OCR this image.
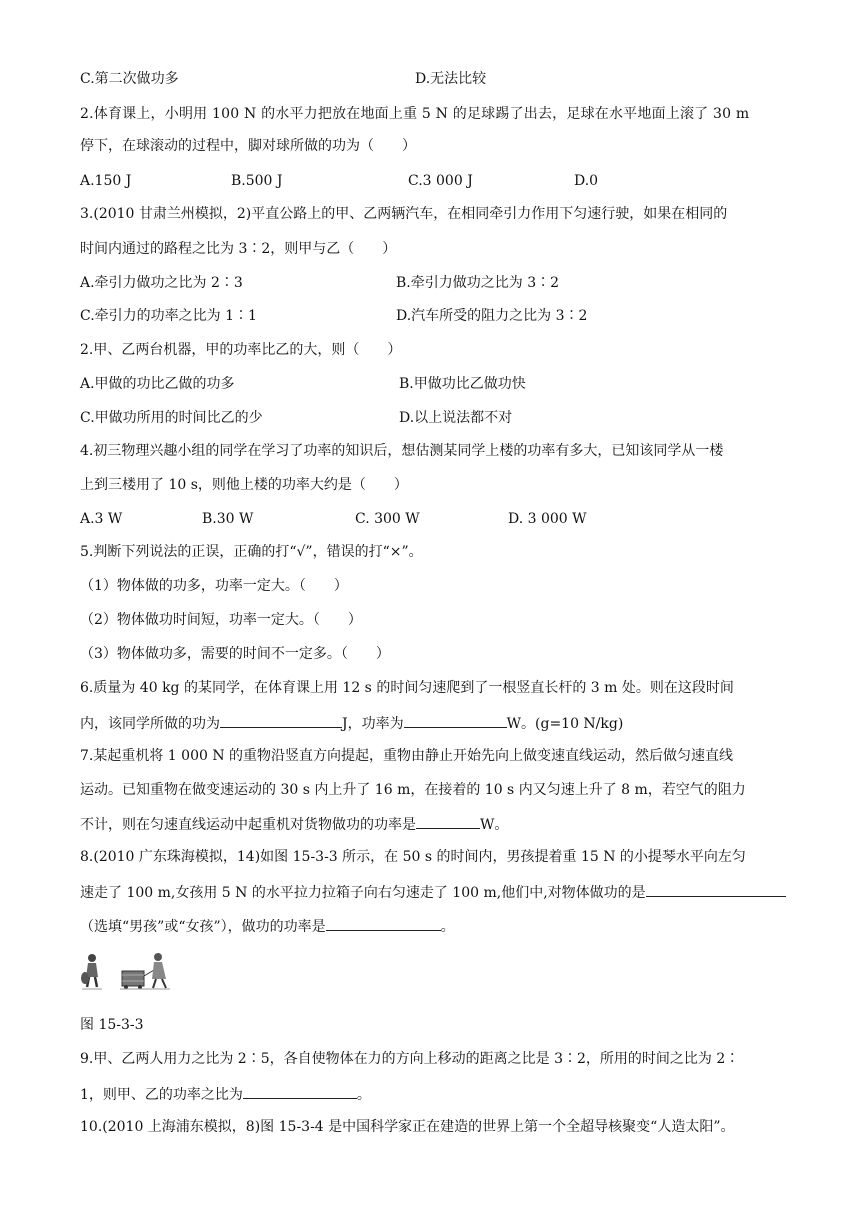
C.第二次做功多	D.无法比较
2.体育课上，小明用 100 N 的水平力把放在地面上重 5 N 的足球踢了出去，足球在水平地面上滚了 30 m
停下，在球滚动的过程中，脚对球所做的功为（　　）
A.150 J	B.500 J	C.3 000 J	D.0
3.(2010 甘肃兰州模拟，2)平直公路上的甲、乙两辆汽车，在相同牵引力作用下匀速行驶，如果在相同的
时间内通过的路程之比为 3∶2，则甲与乙（　　）
A.牵引力做功之比为 2∶3	B.牵引力做功之比为 3∶2
C.牵引力的功率之比为 1∶1	D.汽车所受的阻力之比为 3∶2
2.甲、乙两台机器，甲的功率比乙的大，则（　　）
A.甲做的功比乙做的功多	B.甲做功比乙做功快
C.甲做功所用的时间比乙的少	D.以上说法都不对
4.初三物理兴趣小组的同学在学习了功率的知识后，想估测某同学上楼的功率有多大，已知该同学从一楼
上到三楼用了 10 s，则他上楼的功率大约是（　　）
A.3 W	B.30 W	C. 300 W	D. 3 000 W
5.判断下列说法的正误，正确的打“√”，错误的打“×”。
（1）物体做的功多，功率一定大。（　　）
（2）物体做功时间短，功率一定大。（　　）
（3）物体做功多，需要的时间不一定多。（　　）
6.质量为 40 kg 的某同学，在体育课上用 12 s 的时间匀速爬到了一根竖直长杆的 3 m 处。则在这段时间
内，该同学所做的功为	J，功率为	W。(g=10 N/kg)
7.某起重机将 1 000 N 的重物沿竖直方向提起，重物由静止开始先向上做变速直线运动，然后做匀速直线
运动。已知重物在做变速运动的 30 s 内上升了 16 m，在接着的 10 s 内又匀速上升了 8 m，若空气的阻力
不计，则在匀速直线运动中起重机对货物做功的功率是	W。
8.(2010 广东珠海模拟，14)如图 15-3-3 所示，在 50 s 的时间内，男孩提着重 15 N 的小提琴水平向左匀
速走了 100 m,女孩用 5 N 的水平拉力拉箱子向右匀速走了 100 m,他们中,对物体做功的是
（选填“男孩”或“女孩”），做功的功率是	。
图 15-3-3
9.甲、乙两人用力之比为 2∶5，各自使物体在力的方向上移动的距离之比是 3∶2，所用的时间之比为 2∶
1，则甲、乙的功率之比为	。
10.(2010 上海浦东模拟，8)图 15-3-4 是中国科学家正在建造的世界上第一个全超导核聚变“人造太阳”。
